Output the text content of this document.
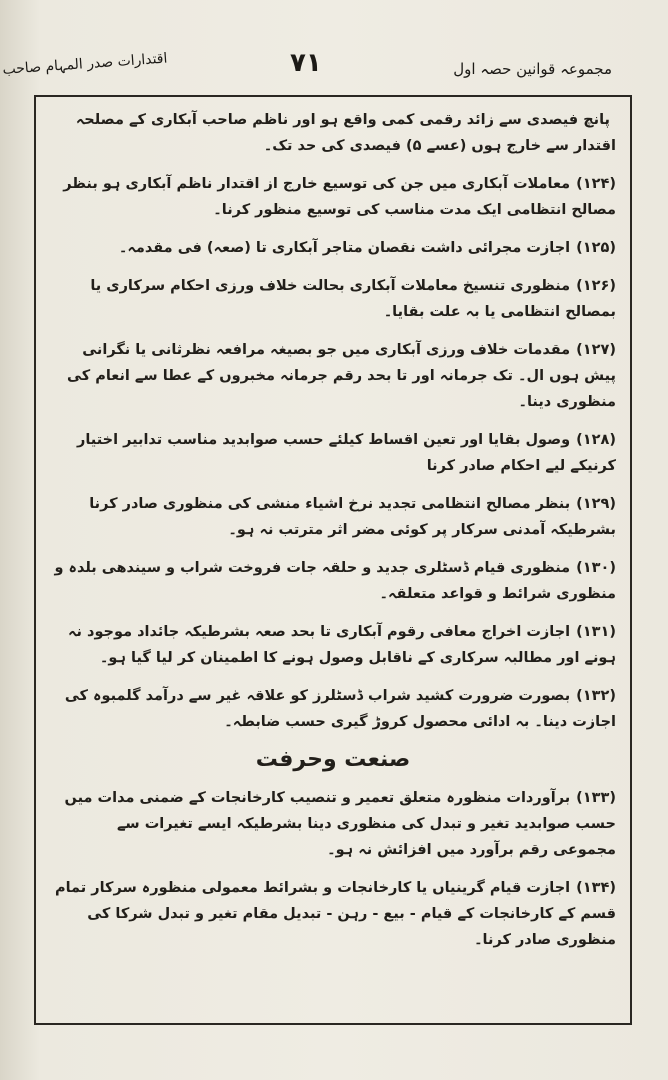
مجموعہ قوانین حصہ اول
۷۱
اقتدارات صدر المہام صاحب

پانچ فیصدی سے زائد رقمی کمی واقع ہو اور ناظم صاحب آبکاری کے مصلحہ اقتدار سے خارج ہوں (عسے ۵) فیصدی کی حد تک۔

(۱۲۴)معاملات آبکاری میں جن کی توسیع خارج از اقتدار ناظم آبکاری ہو بنظر مصالح انتظامی ایک مدت مناسب کی توسیع منظور کرنا۔

(۱۲۵)اجازت مجرائی داشت نقصان متاجر آبکاری تا (صعہ) فی مقدمہ۔

(۱۲۶)منظوری تنسیخ معاملات آبکاری بحالت خلاف ورزی احکام سرکاری یا بمصالح انتظامی یا بہ علت بقایا۔

(۱۲۷)مقدمات خلاف ورزی آبکاری میں جو بصیغہ مرافعہ نظرثانی یا نگرانی پیش ہوں ال۔ تک جرمانہ اور تا بحد رقم جرمانہ مخبروں کے عطا سے انعام کی منظوری دینا۔

(۱۲۸)وصول بقایا اور تعین اقساط کیلئے حسب صوابدید مناسب تدابیر اختیار کرنیکے لیے احکام صادر کرنا

(۱۲۹)بنظر مصالح انتظامی تجدید نرخ اشیاء منشی کی منظوری صادر کرنا بشرطیکہ آمدنی سرکار پر کوئی مضر اثر مترتب نہ ہو۔

(۱۳۰)منظوری قیام ڈسٹلری جدید و حلقہ جات فروخت شراب و سیندھی بلدہ و منظوری شرائط و قواعد متعلقہ۔

(۱۳۱)اجازت اخراج معافی رقوم آبکاری تا بحد صعہ بشرطیکہ جائداد موجود نہ ہونے اور مطالبہ سرکاری کے ناقابل وصول ہونے کا اطمینان کر لیا گیا ہو۔

(۱۳۲)بصورت ضرورت کشید شراب ڈسٹلرز کو علاقہ غیر سے درآمد گلمبوہ کی اجازت دینا۔ بہ ادائی محصول کروڑ گیری حسب ضابطہ۔

صنعت وحرفت

(۱۳۳)برآوردات منظورہ متعلق تعمیر و تنصیب کارخانجات کے ضمنی مدات میں حسب صوابدید تغیر و تبدل کی منظوری دینا بشرطیکہ ایسے تغیرات سے مجموعی رقم برآورد میں افزائش نہ ہو۔

(۱۳۴)اجازت قیام گرینیاں یا کارخانجات و بشرائط معمولی منظورہ سرکار تمام قسم کے کارخانجات کے قیام - بیع - رہن - تبدیل مقام تغیر و تبدل شرکا کی منظوری صادر کرنا۔
